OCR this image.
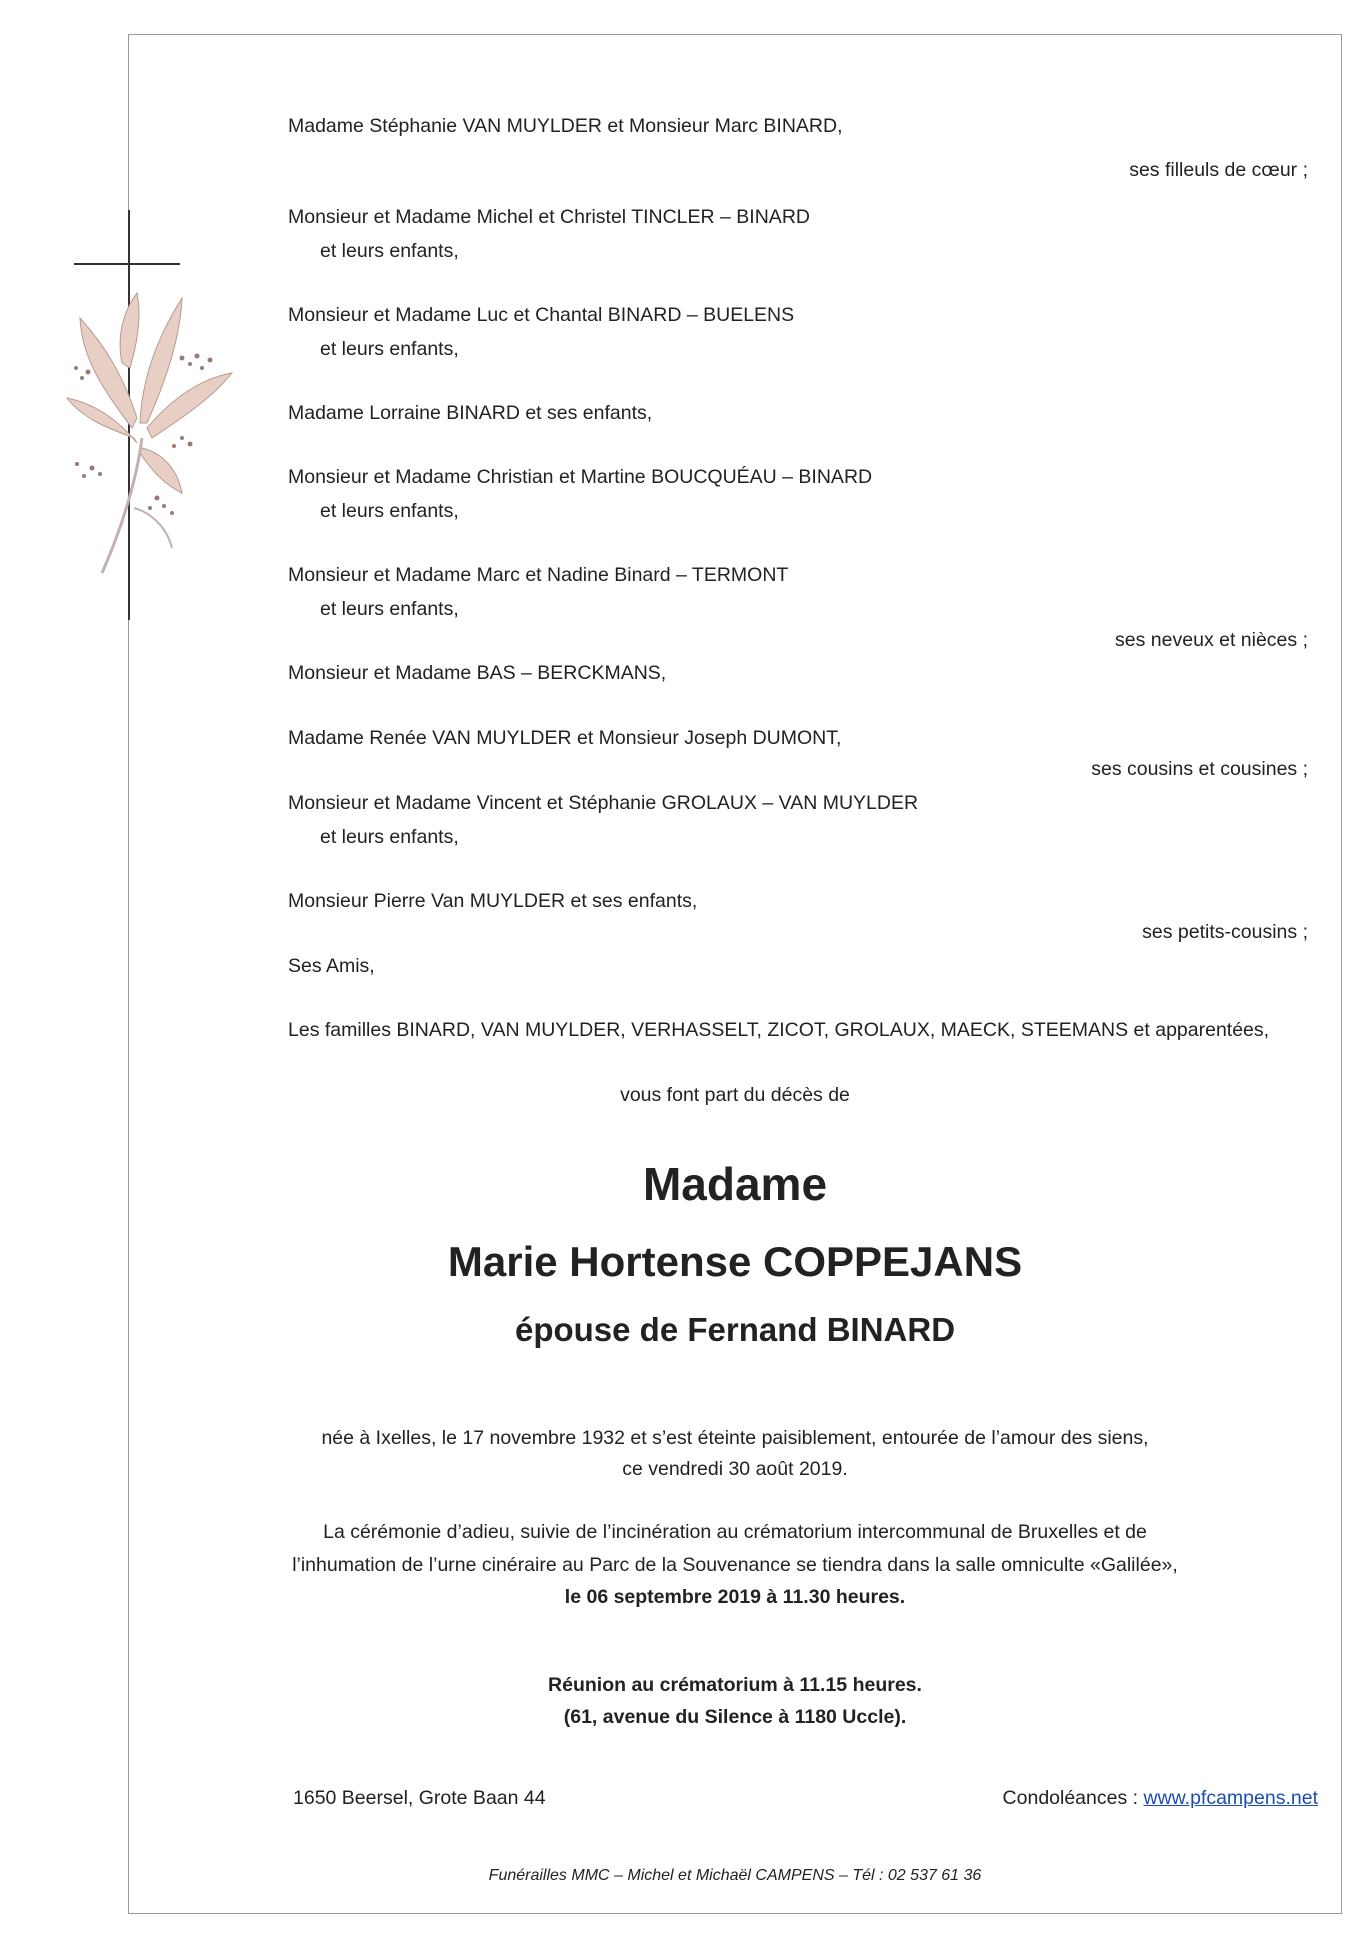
Madame Stéphanie VAN MUYLDER et Monsieur Marc BINARD,
ses filleuls de cœur ;
Monsieur et Madame Michel et Christel TINCLER – BINARD
et leurs enfants,
Monsieur et Madame Luc et Chantal BINARD – BUELENS
et leurs enfants,
Madame Lorraine BINARD et ses enfants,
Monsieur et Madame Christian et Martine BOUCQUÉAU – BINARD
et leurs enfants,
Monsieur et Madame Marc et Nadine Binard – TERMONT
et leurs enfants,
ses neveux et nièces ;
Monsieur et Madame BAS – BERCKMANS,
Madame Renée VAN MUYLDER et Monsieur Joseph DUMONT,
ses cousins et cousines ;
Monsieur et Madame Vincent et Stéphanie GROLAUX – VAN MUYLDER
et leurs enfants,
Monsieur Pierre Van MUYLDER et ses enfants,
ses petits-cousins ;
Ses Amis,
Les familles BINARD, VAN MUYLDER, VERHASSELT, ZICOT, GROLAUX, MAECK, STEEMANS et apparentées,
vous font part du décès de
Madame
Marie Hortense COPPEJANS
épouse de Fernand BINARD
née à Ixelles, le 17 novembre 1932 et s’est éteinte paisiblement, entourée de l’amour des siens,
ce vendredi 30 août 2019.
La cérémonie d’adieu, suivie de l’incinération au crématorium intercommunal de Bruxelles et de
l’inhumation de l’urne cinéraire au Parc de la Souvenance se tiendra dans la salle omniculte «Galilée»,
le 06 septembre 2019 à 11.30 heures.
Réunion au crématorium à 11.15 heures.
(61, avenue du Silence à 1180 Uccle).
1650 Beersel, Grote Baan 44	Condoléances : www.pfcampens.net
Funérailles MMC – Michel et Michaël CAMPENS – Tél : 02 537 61 36
